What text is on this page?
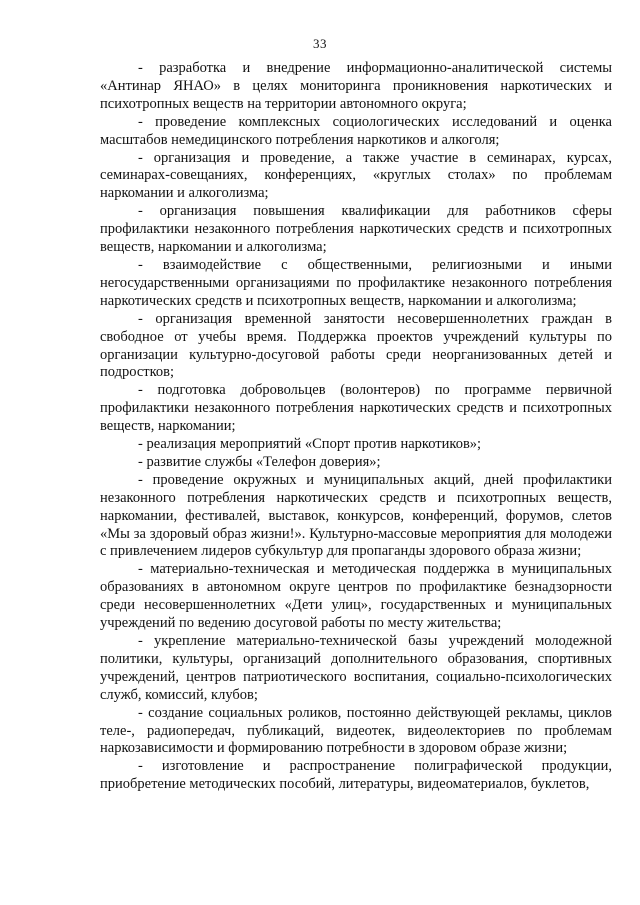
33

- разработка и внедрение информационно-аналитической системы «Антинар ЯНАО» в целях мониторинга проникновения наркотических и психотропных веществ на территории автономного округа;

- проведение комплексных социологических исследований и оценка масштабов немедицинского потребления наркотиков и алкоголя;

- организация и проведение, а также участие в семинарах, курсах, семинарах-совещаниях, конференциях, «круглых столах» по проблемам наркомании и алкоголизма;

- организация повышения квалификации для работников сферы профилактики незаконного потребления наркотических средств и психотропных веществ, наркомании и алкоголизма;

- взаимодействие с общественными, религиозными и иными негосударственными организациями по профилактике незаконного потребления наркотических средств и психотропных веществ, наркомании и алкоголизма;

- организация временной занятости несовершеннолетних граждан в свободное от учебы время. Поддержка проектов учреждений культуры по организации культурно-досуговой работы среди неорганизованных детей и подростков;

- подготовка добровольцев (волонтеров) по программе первичной профилактики незаконного потребления наркотических средств и психотропных веществ, наркомании;

- реализация мероприятий «Спорт против наркотиков»;

- развитие службы «Телефон доверия»;

- проведение окружных и муниципальных акций, дней профилактики незаконного потребления наркотических средств и психотропных веществ, наркомании, фестивалей, выставок, конкурсов, конференций, форумов, слетов «Мы за здоровый образ жизни!». Культурно-массовые мероприятия для молодежи с привлечением лидеров субкультур для пропаганды здорового образа жизни;

- материально-техническая и методическая поддержка в муниципальных образованиях в автономном округе центров по профилактике безнадзорности среди несовершеннолетних «Дети улиц», государственных и муниципальных учреждений по ведению досуговой работы по месту жительства;

- укрепление материально-технической базы учреждений молодежной политики, культуры, организаций дополнительного образования, спортивных учреждений, центров патриотического воспитания, социально-психологических служб, комиссий, клубов;

- создание социальных роликов, постоянно действующей рекламы, циклов теле-, радиопередач, публикаций, видеотек, видеолекториев по проблемам наркозависимости и формированию потребности в здоровом образе жизни;

- изготовление и распространение полиграфической продукции, приобретение методических пособий, литературы, видеоматериалов, буклетов,
